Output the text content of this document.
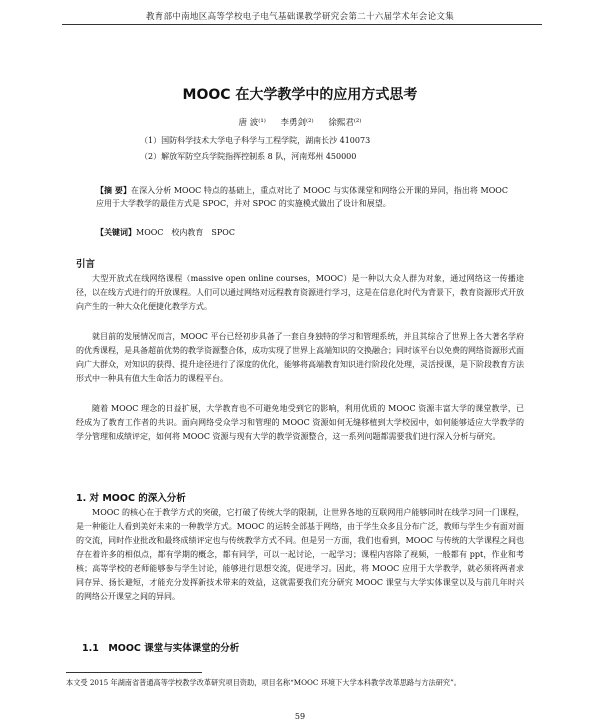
教育部中南地区高等学校电子电气基础课教学研究会第二十六届学术年会论文集
MOOC 在大学教学中的应用方式思考
唐 波⁽¹⁾ 李勇剑⁽²⁾ 徐熙君⁽²⁾
（1）国防科学技术大学电子科学与工程学院，湖南长沙 410073
（2）解放军防空兵学院指挥控制系 8 队，河南郑州 450000
【摘 要】在深入分析 MOOC 特点的基础上，重点对比了 MOOC 与实体课堂和网络公开课的异同，指出将 MOOC 应用于大学教学的最佳方式是 SPOC，并对 SPOC 的实施模式做出了设计和展望。
【关键词】MOOC　校内教育　SPOC
引言

大型开放式在线网络课程（massive open online courses，MOOC）是一种以大众人群为对象，通过网络这一传播途径，以在线方式进行的开放课程。人们可以通过网络对远程教育资源进行学习，这是在信息化时代为背景下，教育资源形式开放向产生的一种大众化便捷化教学方式。

就目前的发展情况而言，MOOC 平台已经初步具备了一套自身独特的学习和管理系统，并且其综合了世界上各大著名学府的优秀课程，是具备超前优势的教学资源整合体，成功实现了世界上高端知识的交换融合；同时该平台以免费的网络资源形式面向广大群众，对知识的获得、提升途径进行了深度的优化，能够将高端教育知识进行阶段化处理，灵活授课，是下阶段教育方法形式中一种具有值大生命活力的课程平台。

随着 MOOC 理念的日益扩展，大学教育也不可避免地受到它的影响，利用优质的 MOOC 资源丰富大学的课堂教学，已经成为了教育工作者的共识。面向网络受众学习和管理的 MOOC 资源如何无缝移植到大学校园中，如何能够适应大学教学的学分管理和成绩评定，如何将 MOOC 资源与现有大学的教学资源整合，这一系列问题都需要我们进行深入分析与研究。

1. 对 MOOC 的深入分析

MOOC 的核心在于教学方式的突破，它打破了传统大学的限制，让世界各地的互联网用户能够同时在线学习同一门课程，是一种能让人看到美好未来的一种教学方式。MOOC 的运转全部基于网络，由于学生众多且分布广泛，教师与学生少有面对面的交流，同时作业批改和最终成绩评定也与传统教学方式不同。但是另一方面，我们也看到，MOOC 与传统的大学课程之间也存在着许多的相似点，都有学期的概念，都有同学，可以一起讨论，一起学习；课程内容除了视频，一般都有 ppt，作业和考核；高等学校的老师能够参与学生讨论，能够进行思想交流，促进学习。因此，将 MOOC 应用于大学教学，就必须将两者求同存异、扬长避短，才能充分发挥新技术带来的效益，这就需要我们充分研究 MOOC 课堂与大学实体课堂以及与前几年时兴的网络公开课堂之间的异同。

1.1　MOOC 课堂与实体课堂的分析
本文受 2015 年湖南省普通高等学校教学改革研究项目资助，项目名称“MOOC 环境下大学本科教学改革思路与方法研究”。
59
